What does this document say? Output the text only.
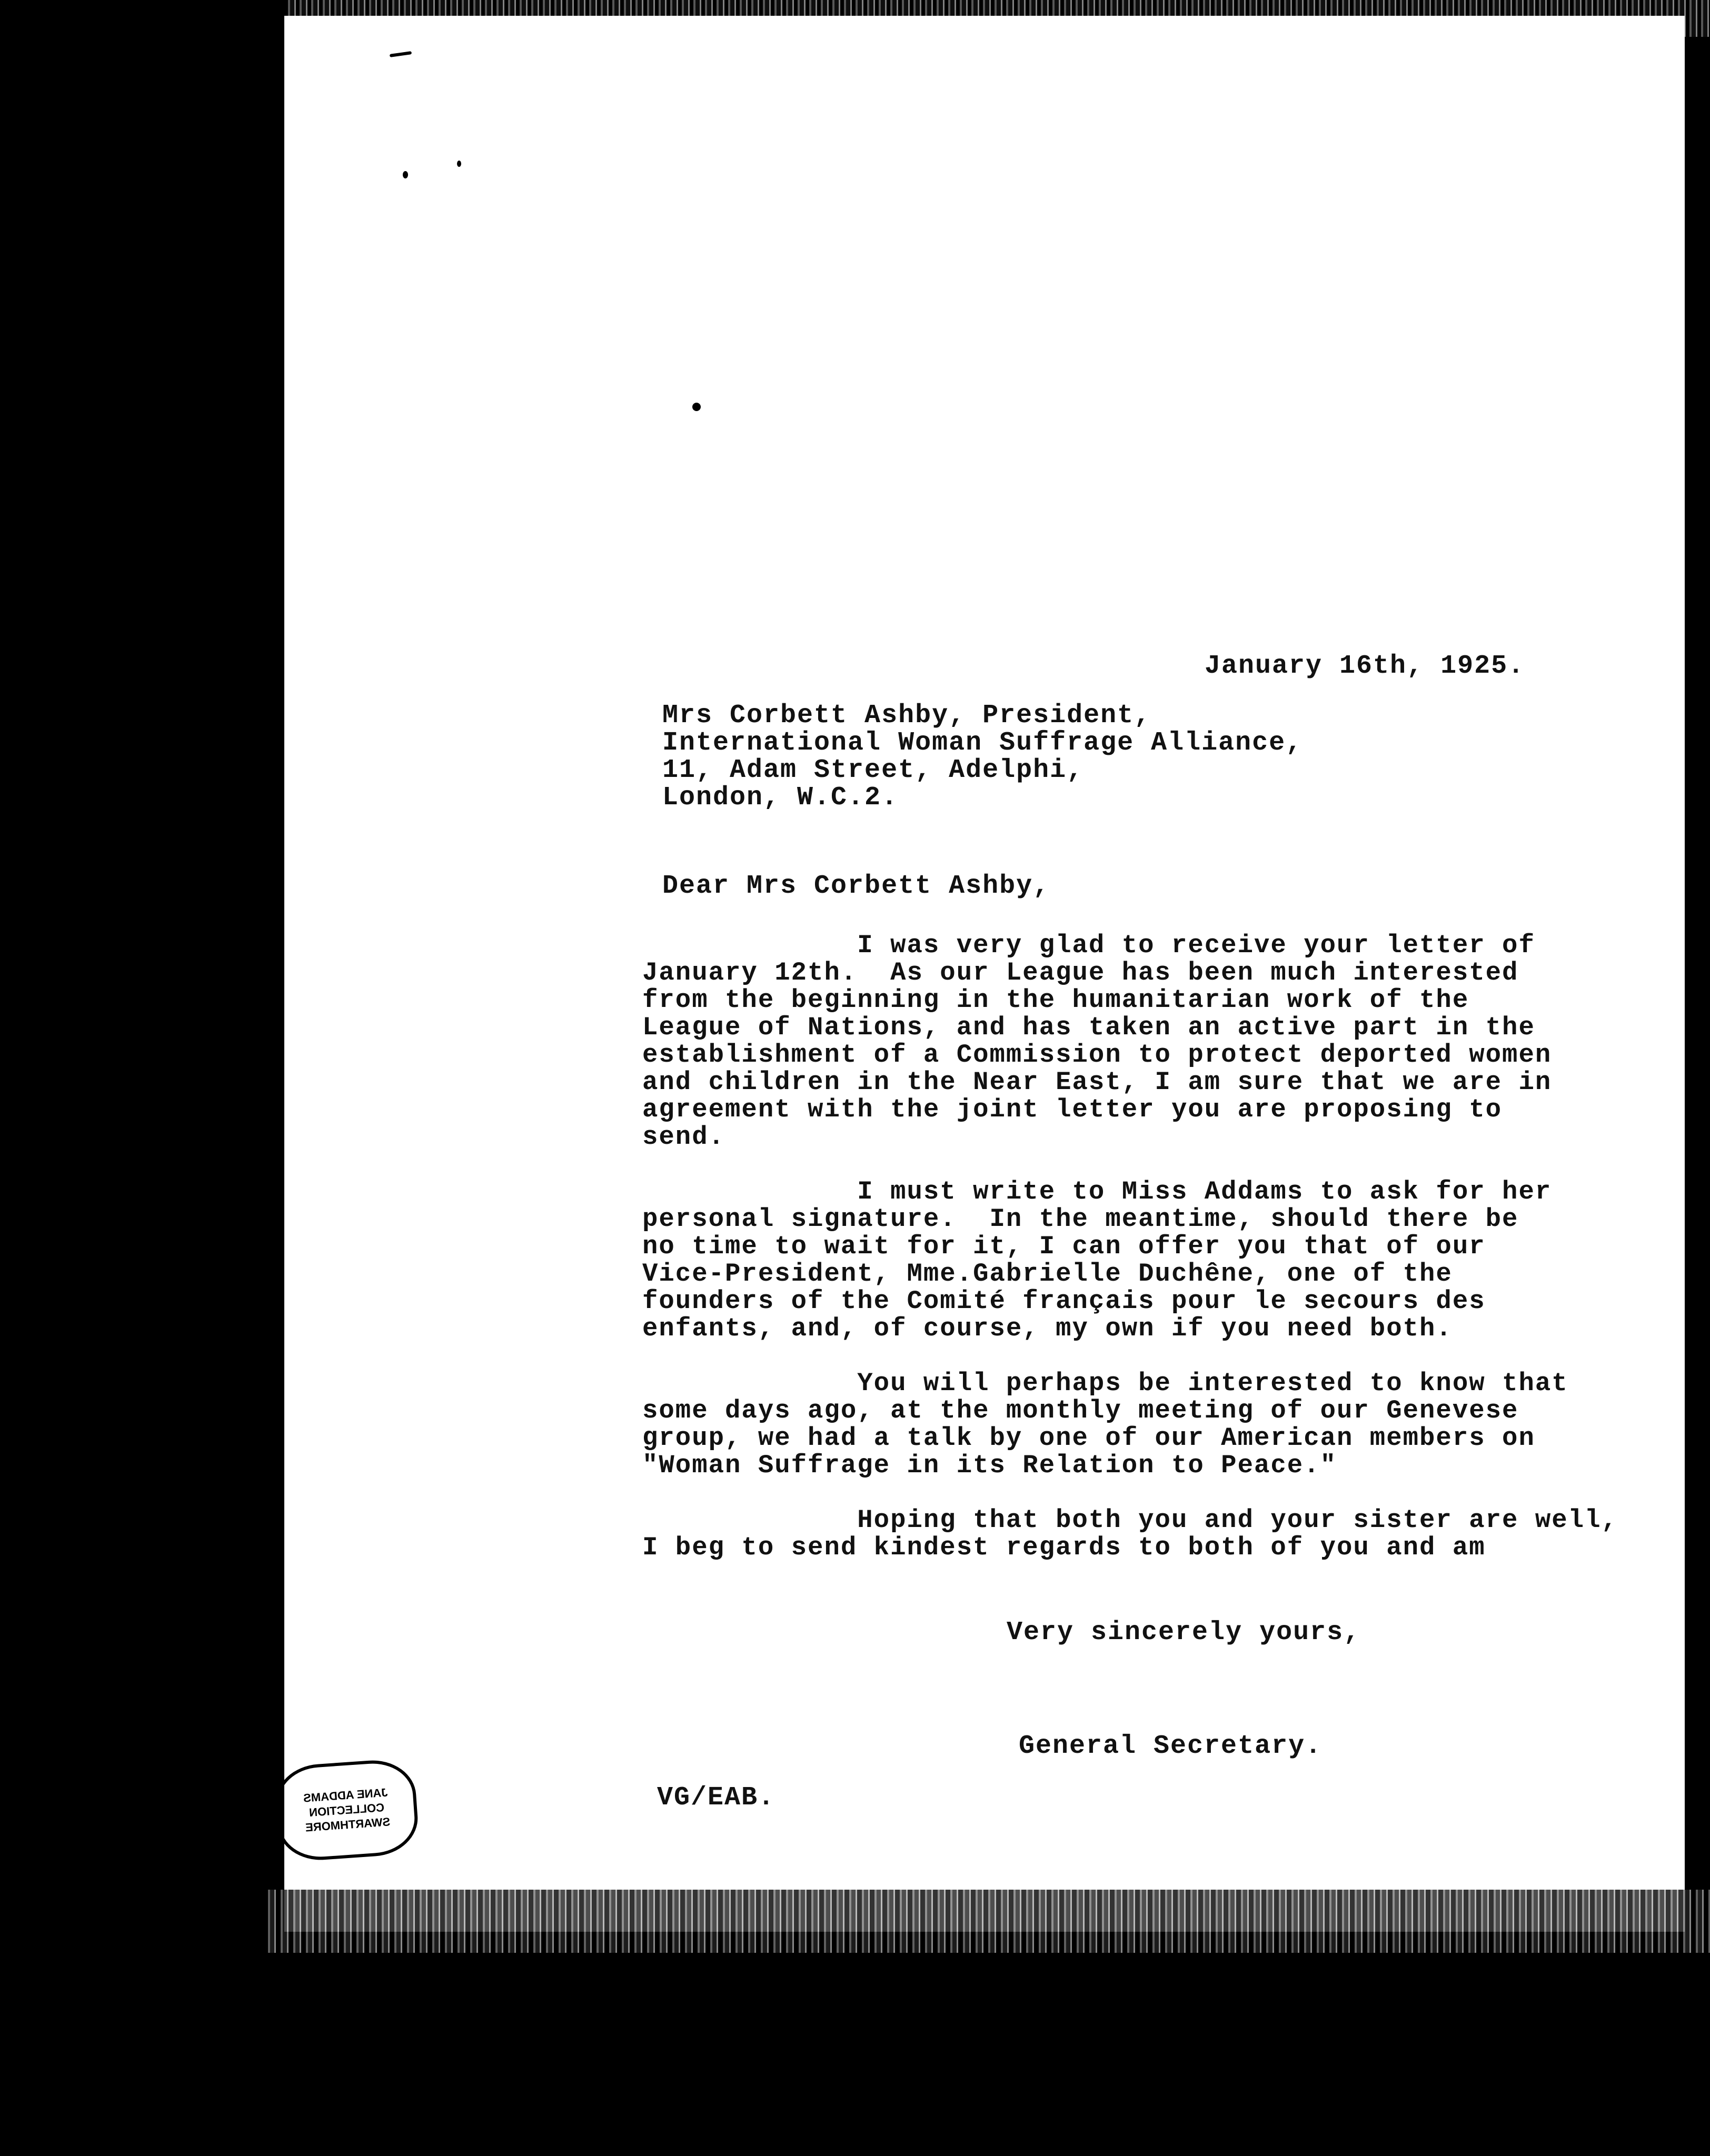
January 16th, 1925.
Mrs Corbett Ashby, President,
International Woman Suffrage Alliance,
11, Adam Street, Adelphi,
London, W.C.2.
Dear Mrs Corbett Ashby,
I was very glad to receive your letter of
January 12th.  As our League has been much interested
from the beginning in the humanitarian work of the
League of Nations, and has taken an active part in the
establishment of a Commission to protect deported women
and children in the Near East, I am sure that we are in
agreement with the joint letter you are proposing to
send.

I must write to Miss Addams to ask for her
personal signature.  In the meantime, should there be
no time to wait for it, I can offer you that of our
Vice-President, Mme.Gabrielle Duchêne, one of the
founders of the Comité français pour le secours des
enfants, and, of course, my own if you need both.

You will perhaps be interested to know that
some days ago, at the monthly meeting of our Genevese
group, we had a talk by one of our American members on
"Woman Suffrage in its Relation to Peace."

Hoping that both you and your sister are well,
I beg to send kindest regards to both of you and am
Very sincerely yours,
General Secretary.
VG/EAB.
JANE ADDAMS
COLLECTION
SWARTHMORE
